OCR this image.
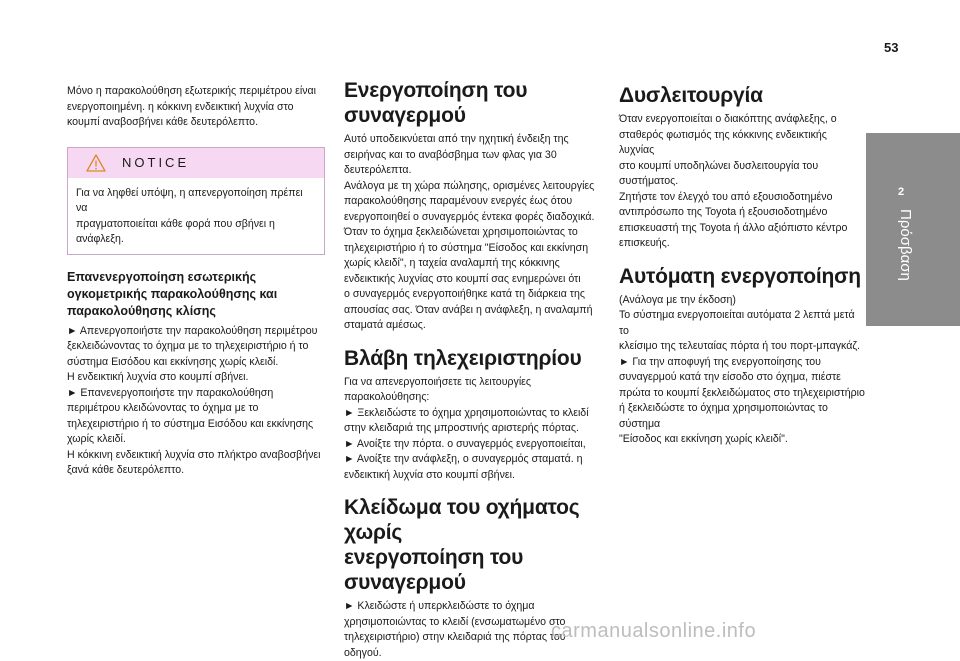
53
2
Πρόσβαση
Μόνο η παρακολούθηση εξωτερικής περιμέτρου είναι
ενεργοποιημένη. η κόκκινη ενδεικτική λυχνία στο
κουμπί αναβοσβήνει κάθε δευτερόλεπτο.
NOTICE
Για να ληφθεί υπόψη, η απενεργοποίηση πρέπει να
πραγματοποιείται κάθε φορά που σβήνει η
ανάφλεξη.
Επανενεργοποίηση εσωτερικής
ογκομετρικής παρακολούθησης και
παρακολούθησης κλίσης
► Απενεργοποιήστε την παρακολούθηση περιμέτρου
ξεκλειδώνοντας το όχημα με το τηλεχειριστήριο ή το
σύστημα Εισόδου και εκκίνησης χωρίς κλειδί.
Η ενδεικτική λυχνία στο κουμπί σβήνει.
► Επανενεργοποιήστε την παρακολούθηση
περιμέτρου κλειδώνοντας το όχημα με το
τηλεχειριστήριο ή το σύστημα Εισόδου και εκκίνησης
χωρίς κλειδί.
Η κόκκινη ενδεικτική λυχνία στο πλήκτρο αναβοσβήνει
ξανά κάθε δευτερόλεπτο.
Ενεργοποίηση του συναγερμού
Αυτό υποδεικνύεται από την ηχητική ένδειξη της
σειρήνας και το αναβόσβημα των φλας για 30
δευτερόλεπτα.
Ανάλογα με τη χώρα πώλησης, ορισμένες λειτουργίες
παρακολούθησης παραμένουν ενεργές έως ότου
ενεργοποιηθεί ο συναγερμός έντεκα φορές διαδοχικά.
Όταν το όχημα ξεκλειδώνεται χρησιμοποιώντας το
τηλεχειριστήριο ή το σύστημα "Είσοδος και εκκίνηση
χωρίς κλειδί", η ταχεία αναλαμπή της κόκκινης
ενδεικτικής λυχνίας στο κουμπί σας ενημερώνει ότι
ο συναγερμός ενεργοποιήθηκε κατά τη διάρκεια της
απουσίας σας. Όταν ανάβει η ανάφλεξη, η αναλαμπή
σταματά αμέσως.
Βλάβη τηλεχειριστηρίου
Για να απενεργοποιήσετε τις λειτουργίες
παρακολούθησης:
► Ξεκλειδώστε το όχημα χρησιμοποιώντας το κλειδί
στην κλειδαριά της μπροστινής αριστερής πόρτας.
► Ανοίξτε την πόρτα. ο συναγερμός ενεργοποιείται,
► Ανοίξτε την ανάφλεξη, ο συναγερμός σταματά. η
ενδεικτική λυχνία στο κουμπί σβήνει.
Κλείδωμα του οχήματος χωρίς
ενεργοποίηση του συναγερμού
► Κλειδώστε ή υπερκλειδώστε το όχημα
χρησιμοποιώντας το κλειδί (ενσωματωμένο στο
τηλεχειριστήριο) στην κλειδαριά της πόρτας του
οδηγού.
Δυσλειτουργία
Όταν ενεργοποιείται ο διακόπτης ανάφλεξης, ο
σταθερός φωτισμός της κόκκινης ενδεικτικής λυχνίας
στο κουμπί υποδηλώνει δυσλειτουργία του συστήματος.
Ζητήστε τον έλεγχό του από εξουσιοδοτημένο
αντιπρόσωπο της Toyota ή εξουσιοδοτημένο
επισκευαστή της Toyota ή άλλο αξιόπιστο κέντρο
επισκευής.
Αυτόματη ενεργοποίηση
(Ανάλογα με την έκδοση)
Το σύστημα ενεργοποιείται αυτόματα 2 λεπτά μετά το
κλείσιμο της τελευταίας πόρτα ή του πορτ-μπαγκάζ.
► Για την αποφυγή της ενεργοποίησης του
συναγερμού κατά την είσοδο στο όχημα, πιέστε
πρώτα το κουμπί ξεκλειδώματος στο τηλεχειριστήριο
ή ξεκλειδώστε το όχημα χρησιμοποιώντας το σύστημα
"Είσοδος και εκκίνηση χωρίς κλειδί".
carmanualsonline.info
